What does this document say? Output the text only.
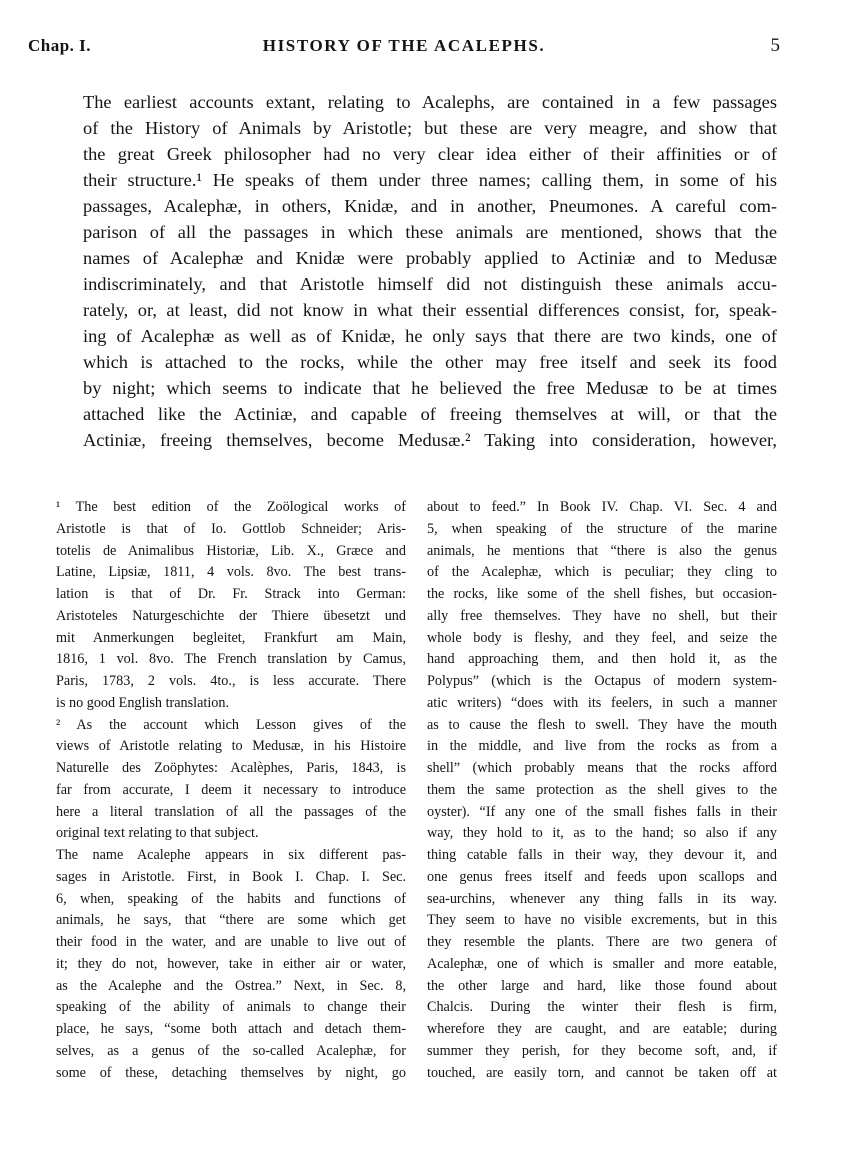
Chap. I.	HISTORY OF THE ACALEPHS.	5
The earliest accounts extant, relating to Acalephs, are contained in a few passages
of the History of Animals by Aristotle; but these are very meagre, and show that
the great Greek philosopher had no very clear idea either of their affinities or of
their structure.¹ He speaks of them under three names; calling them, in some of his
passages, Acalephæ, in others, Knidæ, and in another, Pneumones. A careful com-
parison of all the passages in which these animals are mentioned, shows that the
names of Acalephæ and Knidæ were probably applied to Actiniæ and to Medusæ
indiscriminately, and that Aristotle himself did not distinguish these animals accu-
rately, or, at least, did not know in what their essential differences consist, for, speak-
ing of Acalephæ as well as of Knidæ, he only says that there are two kinds, one of
which is attached to the rocks, while the other may free itself and seek its food
by night; which seems to indicate that he believed the free Medusæ to be at times
attached like the Actiniæ, and capable of freeing themselves at will, or that the
Actiniæ, freeing themselves, become Medusæ.² Taking into consideration, however,
¹ The best edition of the Zoölogical works of
Aristotle is that of Io. Gottlob Schneider; Aris-
totelis de Animalibus Historiæ, Lib. X., Græce and
Latine, Lipsiæ, 1811, 4 vols. 8vo. The best trans-
lation is that of Dr. Fr. Strack into German:
Aristoteles Naturgeschichte der Thiere übesetzt und
mit Anmerkungen begleitet, Frankfurt am Main,
1816, 1 vol. 8vo. The French translation by Camus,
Paris, 1783, 2 vols. 4to., is less accurate. There
is no good English translation.
² As the account which Lesson gives of the
views of Aristotle relating to Medusæ, in his Histoire
Naturelle des Zoöphytes: Acalèphes, Paris, 1843, is
far from accurate, I deem it necessary to introduce
here a literal translation of all the passages of the
original text relating to that subject.
The name Acalephe appears in six different pas-
sages in Aristotle. First, in Book I. Chap. I. Sec.
6, when, speaking of the habits and functions of
animals, he says, that “there are some which get
their food in the water, and are unable to live out of
it; they do not, however, take in either air or water,
as the Acalephe and the Ostrea.” Next, in Sec. 8,
speaking of the ability of animals to change their
place, he says, “some both attach and detach them-
selves, as a genus of the so-called Acalephæ, for
some of these, detaching themselves by night, go
about to feed.” In Book IV. Chap. VI. Sec. 4 and
5, when speaking of the structure of the marine
animals, he mentions that “there is also the genus
of the Acalephæ, which is peculiar; they cling to
the rocks, like some of the shell fishes, but occasion-
ally free themselves. They have no shell, but their
whole body is fleshy, and they feel, and seize the
hand approaching them, and then hold it, as the
Polypus” (which is the Octapus of modern system-
atic writers) “does with its feelers, in such a manner
as to cause the flesh to swell. They have the mouth
in the middle, and live from the rocks as from a
shell” (which probably means that the rocks afford
them the same protection as the shell gives to the
oyster). “If any one of the small fishes falls in their
way, they hold to it, as to the hand; so also if any
thing catable falls in their way, they devour it, and
one genus frees itself and feeds upon scallops and
sea-urchins, whenever any thing falls in its way.
They seem to have no visible excrements, but in this
they resemble the plants. There are two genera of
Acalephæ, one of which is smaller and more eatable,
the other large and hard, like those found about
Chalcis. During the winter their flesh is firm,
wherefore they are caught, and are eatable; during
summer they perish, for they become soft, and, if
touched, are easily torn, and cannot be taken off at
